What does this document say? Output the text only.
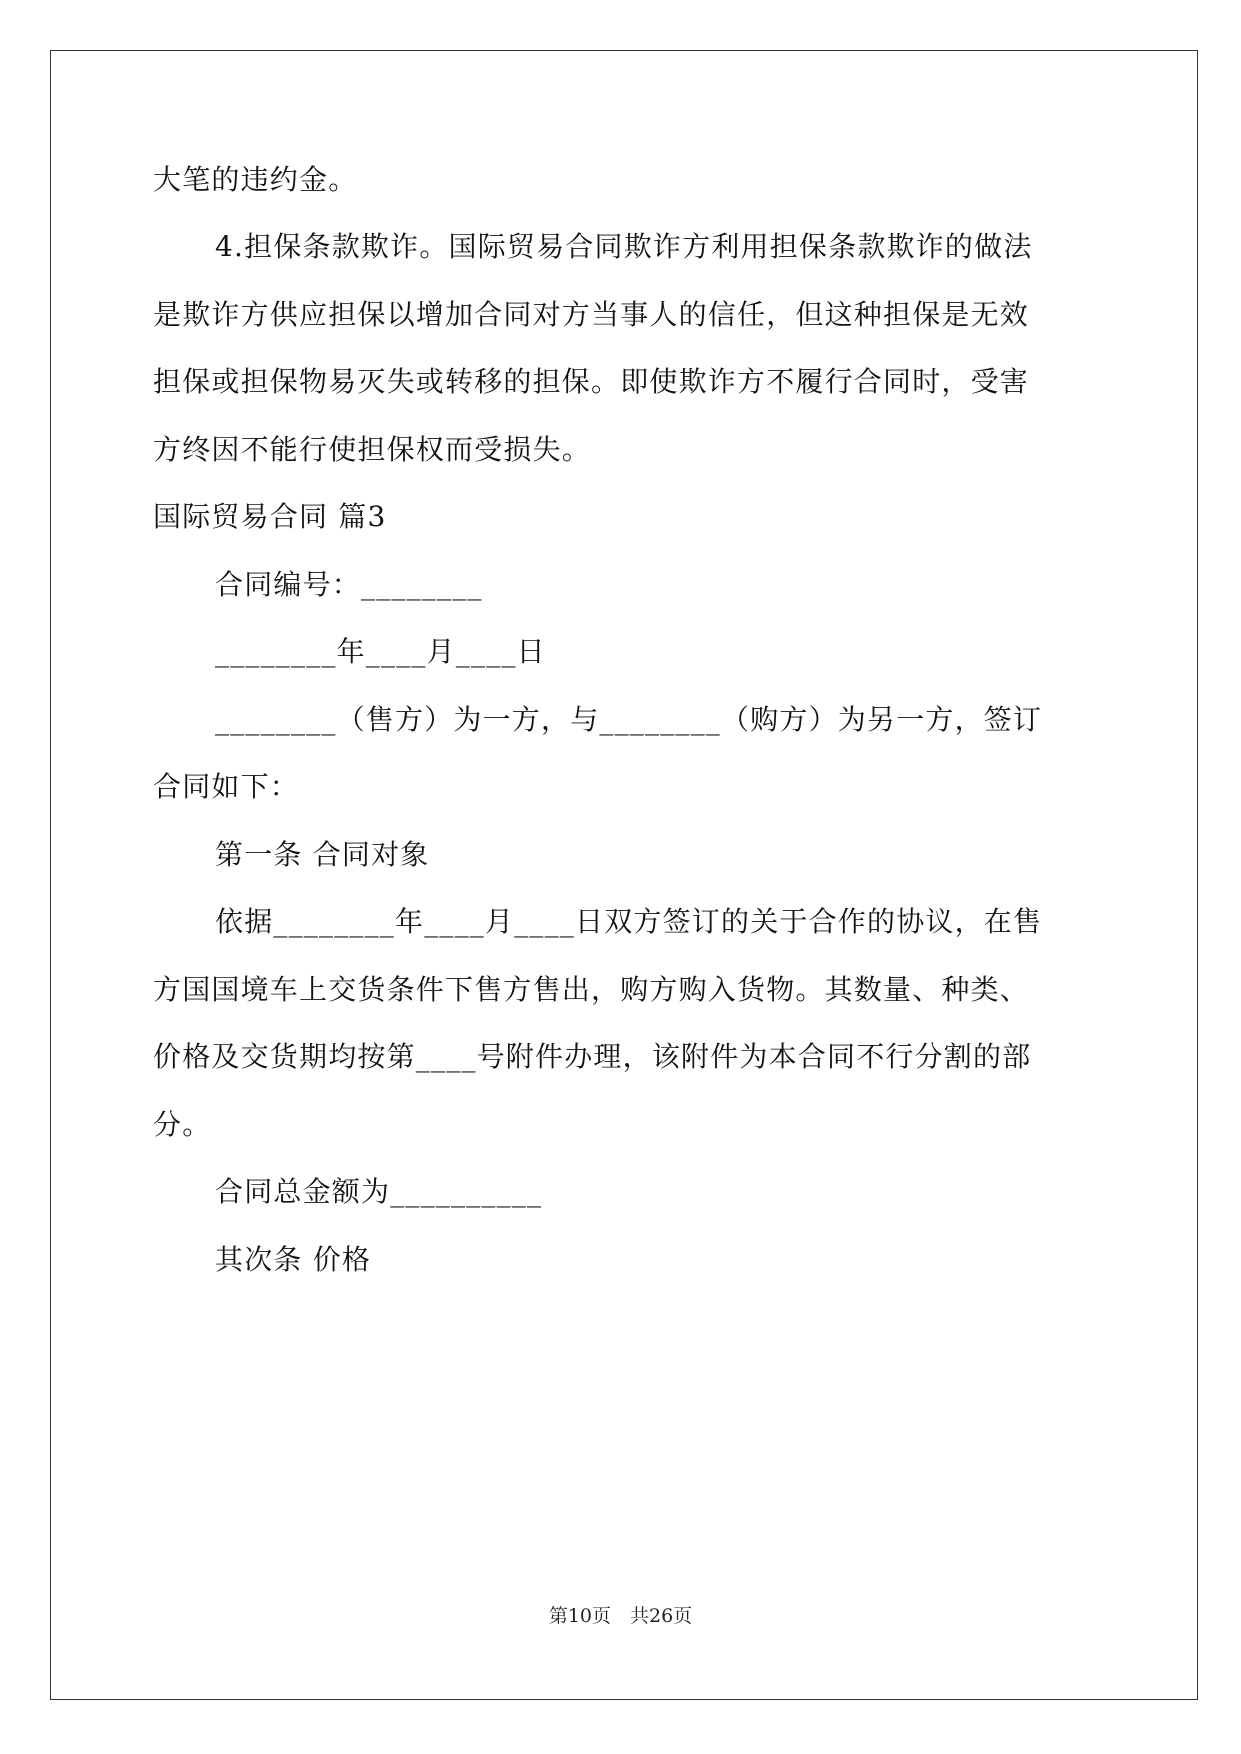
大笔的违约金。
4.担保条款欺诈。国际贸易合同欺诈方利用担保条款欺诈的做法
是欺诈方供应担保以增加合同对方当事人的信任，但这种担保是无效
担保或担保物易灭失或转移的担保。即使欺诈方不履行合同时，受害
方终因不能行使担保权而受损失。
国际贸易合同 篇3
合同编号：________
________年____月____日
________（售方）为一方，与________（购方）为另一方，签订
合同如下：
第一条 合同对象
依据________年____月____日双方签订的关于合作的协议，在售
方国国境车上交货条件下售方售出，购方购入货物。其数量、种类、
价格及交货期均按第____号附件办理，该附件为本合同不行分割的部
分。
合同总金额为__________
其次条 价格
第10页　共26页
